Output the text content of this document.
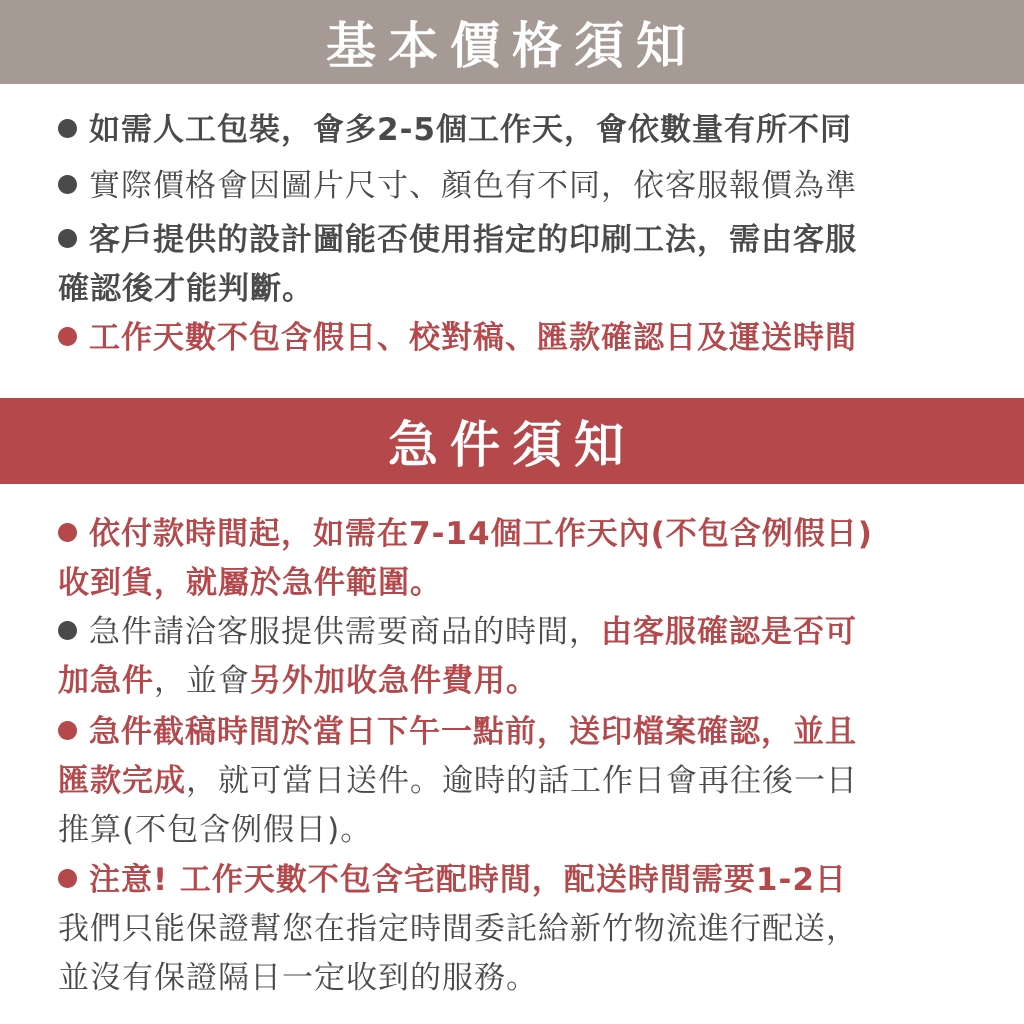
基本價格須知
如需人工包裝，會多2-5個工作天，會依數量有所不同
實際價格會因圖片尺寸、顏色有不同，依客服報價為準
客戶提供的設計圖能否使用指定的印刷工法，需由客服
確認後才能判斷。
工作天數不包含假日、校對稿、匯款確認日及運送時間
急件須知
依付款時間起，如需在7-14個工作天內(不包含例假日)
收到貨，就屬於急件範圍。
急件請洽客服提供需要商品的時間，由客服確認是否可
加急件，並會另外加收急件費用。
急件截稿時間於當日下午一點前，送印檔案確認，並且
匯款完成，就可當日送件。逾時的話工作日會再往後一日
推算(不包含例假日)。
注意! 工作天數不包含宅配時間，配送時間需要1-2日
我們只能保證幫您在指定時間委託給新竹物流進行配送，
並沒有保證隔日一定收到的服務。
